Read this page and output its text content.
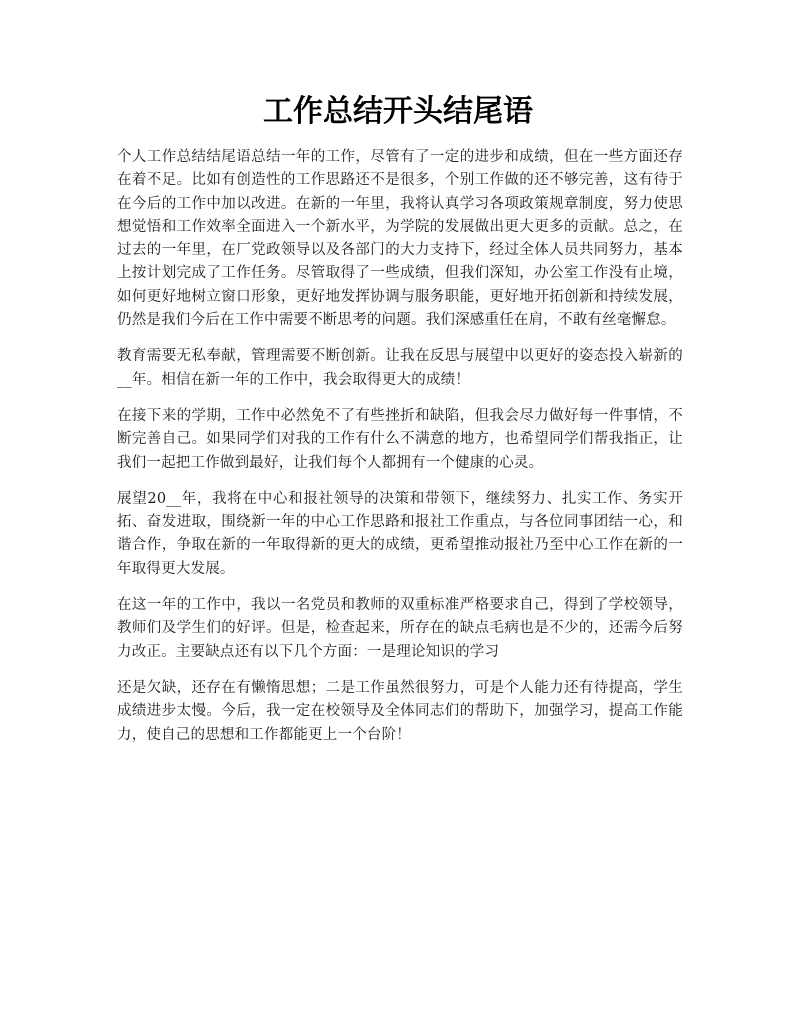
工作总结开头结尾语

个人工作总结结尾语总结一年的工作，尽管有了一定的进步和成绩，但在一些方面还存在着不足。比如有创造性的工作思路还不是很多，个别工作做的还不够完善，这有待于在今后的工作中加以改进。在新的一年里，我将认真学习各项政策规章制度，努力使思想觉悟和工作效率全面进入一个新水平，为学院的发展做出更大更多的贡献。总之，在过去的一年里，在厂党政领导以及各部门的大力支持下，经过全体人员共同努力，基本上按计划完成了工作任务。尽管取得了一些成绩，但我们深知，办公室工作没有止境，如何更好地树立窗口形象，更好地发挥协调与服务职能，更好地开拓创新和持续发展，仍然是我们今后在工作中需要不断思考的问题。我们深感重任在肩，不敢有丝毫懈怠。

教育需要无私奉献，管理需要不断创新。让我在反思与展望中以更好的姿态投入崭新的__年。相信在新一年的工作中，我会取得更大的成绩！

在接下来的学期，工作中必然免不了有些挫折和缺陷，但我会尽力做好每一件事情，不断完善自己。如果同学们对我的工作有什么不满意的地方，也希望同学们帮我指正，让我们一起把工作做到最好，让我们每个人都拥有一个健康的心灵。

展望20__年，我将在中心和报社领导的决策和带领下，继续努力、扎实工作、务实开拓、奋发进取，围绕新一年的中心工作思路和报社工作重点，与各位同事团结一心，和谐合作，争取在新的一年取得新的更大的成绩，更希望推动报社乃至中心工作在新的一年取得更大发展。

在这一年的工作中，我以一名党员和教师的双重标准严格要求自己，得到了学校领导，教师们及学生们的好评。但是，检查起来，所存在的缺点毛病也是不少的，还需今后努力改正。主要缺点还有以下几个方面：一是理论知识的学习

还是欠缺，还存在有懒惰思想；二是工作虽然很努力，可是个人能力还有待提高，学生成绩进步太慢。今后，我一定在校领导及全体同志们的帮助下，加强学习，提高工作能力，使自己的思想和工作都能更上一个台阶！
